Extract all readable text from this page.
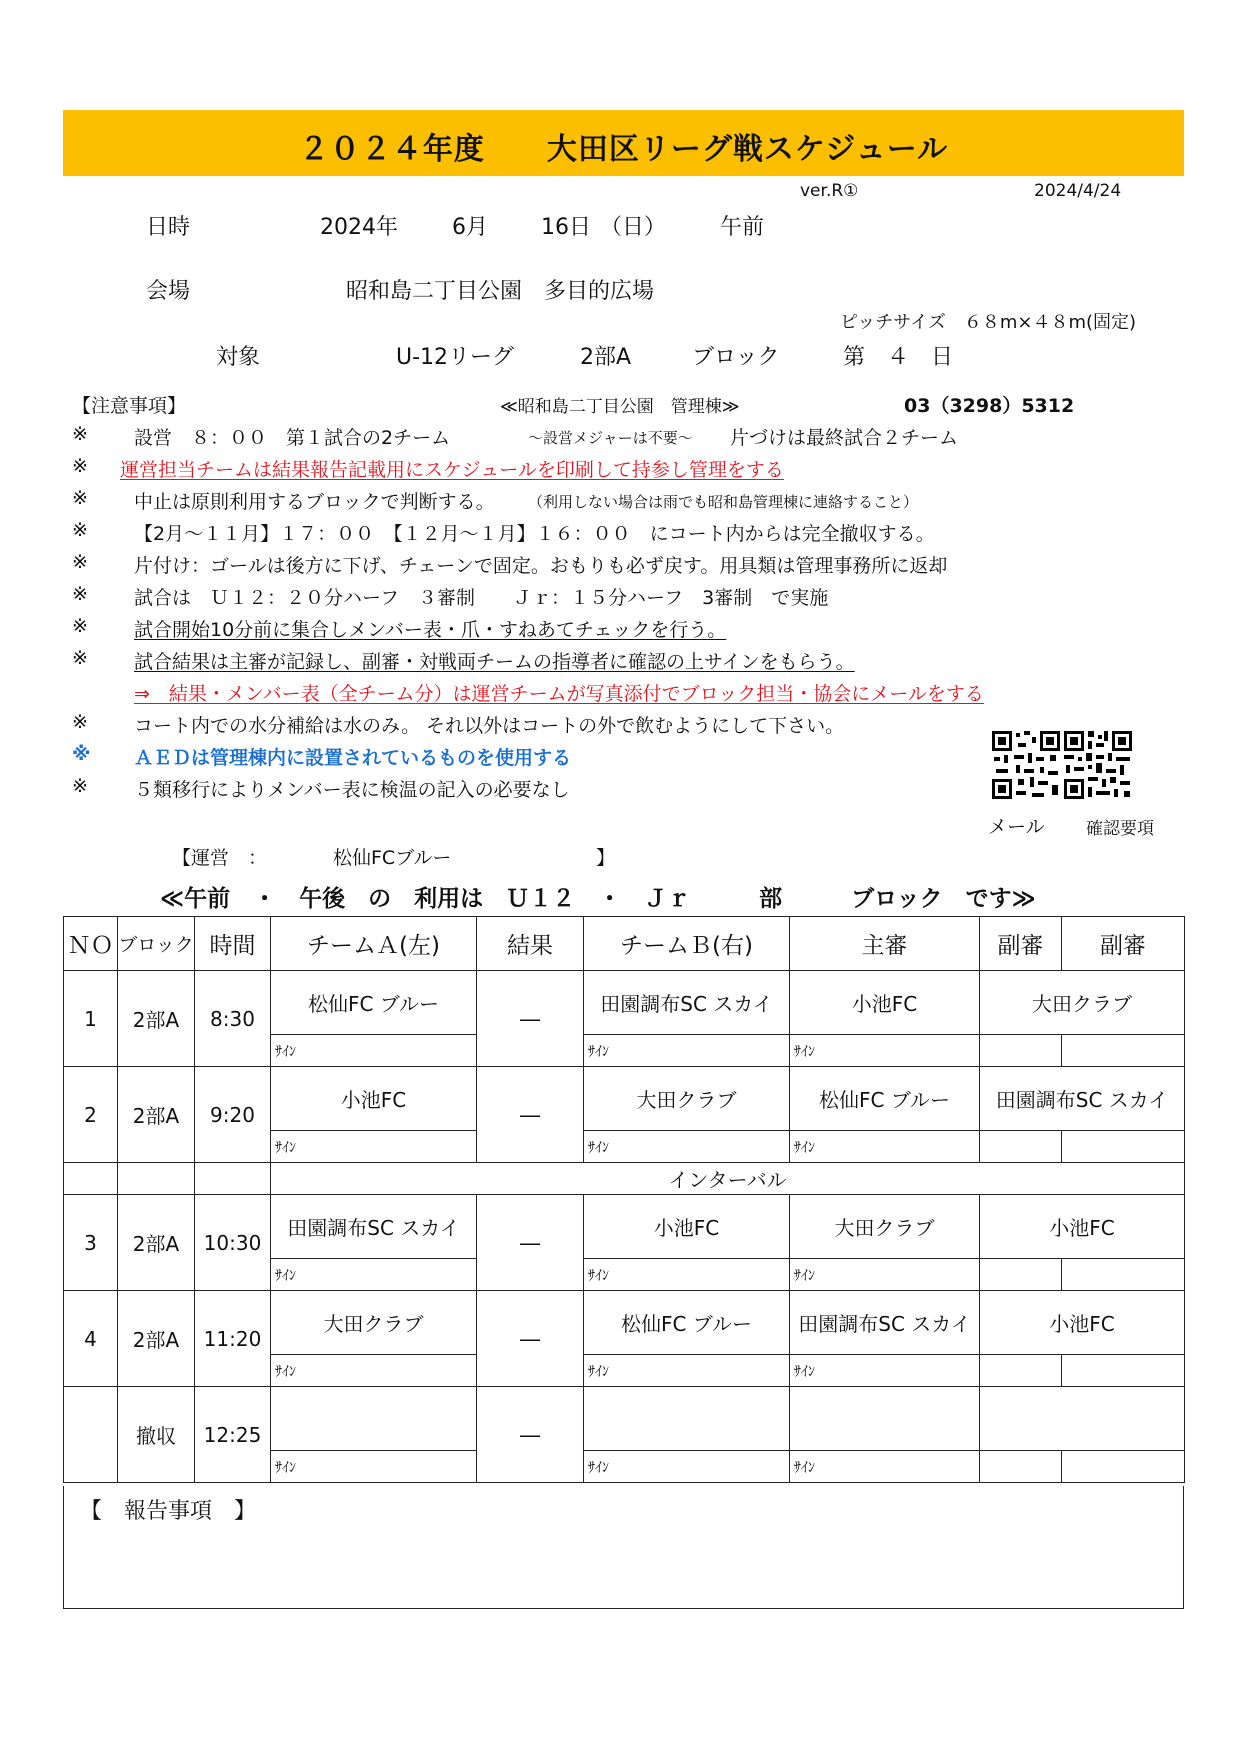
２０２４年度　　大田区リーグ戦スケジュール
ver.R①	2024/4/24
日時	2024年 6月 16日 （日） 午前
会場	昭和島二丁目公園　多目的広場
ピッチサイズ　６８m×４８m(固定)
対象	U-12リーグ	2部A	ブロック	第　４　日
【注意事項】	≪昭和島二丁目公園　管理棟≫	03（3298）5312
※
※
※
※
※
※
※
※
※
※
※
設営　８：００　第１試合の2チーム	～設営メジャーは不要～ 片づけは最終試合２チーム
運営担当チームは結果報告記載用にスケジュールを印刷して持参し管理をする
中止は原則利用するブロックで判断する。 （利用しない場合は雨でも昭和島管理棟に連絡すること）
【2月～１１月】１７：００　【１２月～１月】１６：００　にコート内からは完全撤収する。
片付け：ゴールは後方に下げ、チェーンで固定。おもりも必ず戻す。用具類は管理事務所に返却
試合は　Ｕ１２：２０分ハーフ　３審制　　Ｊｒ：１５分ハーフ　3審制　で実施
試合開始10分前に集合しメンバー表・爪・すねあてチェックを行う。
試合結果は主審が記録し、副審・対戦両チームの指導者に確認の上サインをもらう。
⇒　結果・メンバー表（全チーム分）は運営チームが写真添付でブロック担当・協会にメールをする
コート内での水分補給は水のみ。 それ以外はコートの外で飲むようにして下さい。
ＡＥＤは管理棟内に設置されているものを使用する
５類移行によりメンバー表に検温の記入の必要なし
メール 確認要項
【運営　：	松仙FCブルー	】
≪午前　・　午後　の　利用は　Ｕ１２　・　Ｊｒ　　　部　　　ブロック　です≫
ＮＯ	ブロック	時間	チームＡ(左)	結果	チームＢ(右)	主審	副審	副審
1	2部A	8:30	松仙FC ブルー	―	田園調布SC スカイ	小池FC	大田クラブ	
			ｻｲﾝ		ｻｲﾝ	ｻｲﾝ		
2	2部A	9:20	小池FC	―	大田クラブ	松仙FC ブルー	田園調布SC スカイ	
			ｻｲﾝ		ｻｲﾝ	ｻｲﾝ		
			インターバル					
3	2部A	10:30	田園調布SC スカイ	―	小池FC	大田クラブ	小池FC	
			ｻｲﾝ		ｻｲﾝ	ｻｲﾝ		
4	2部A	11:20	大田クラブ	―	松仙FC ブルー	田園調布SC スカイ	小池FC	
			ｻｲﾝ		ｻｲﾝ	ｻｲﾝ		
	撤収	12:25		―				
			ｻｲﾝ		ｻｲﾝ	ｻｲﾝ		
【　報告事項　】
